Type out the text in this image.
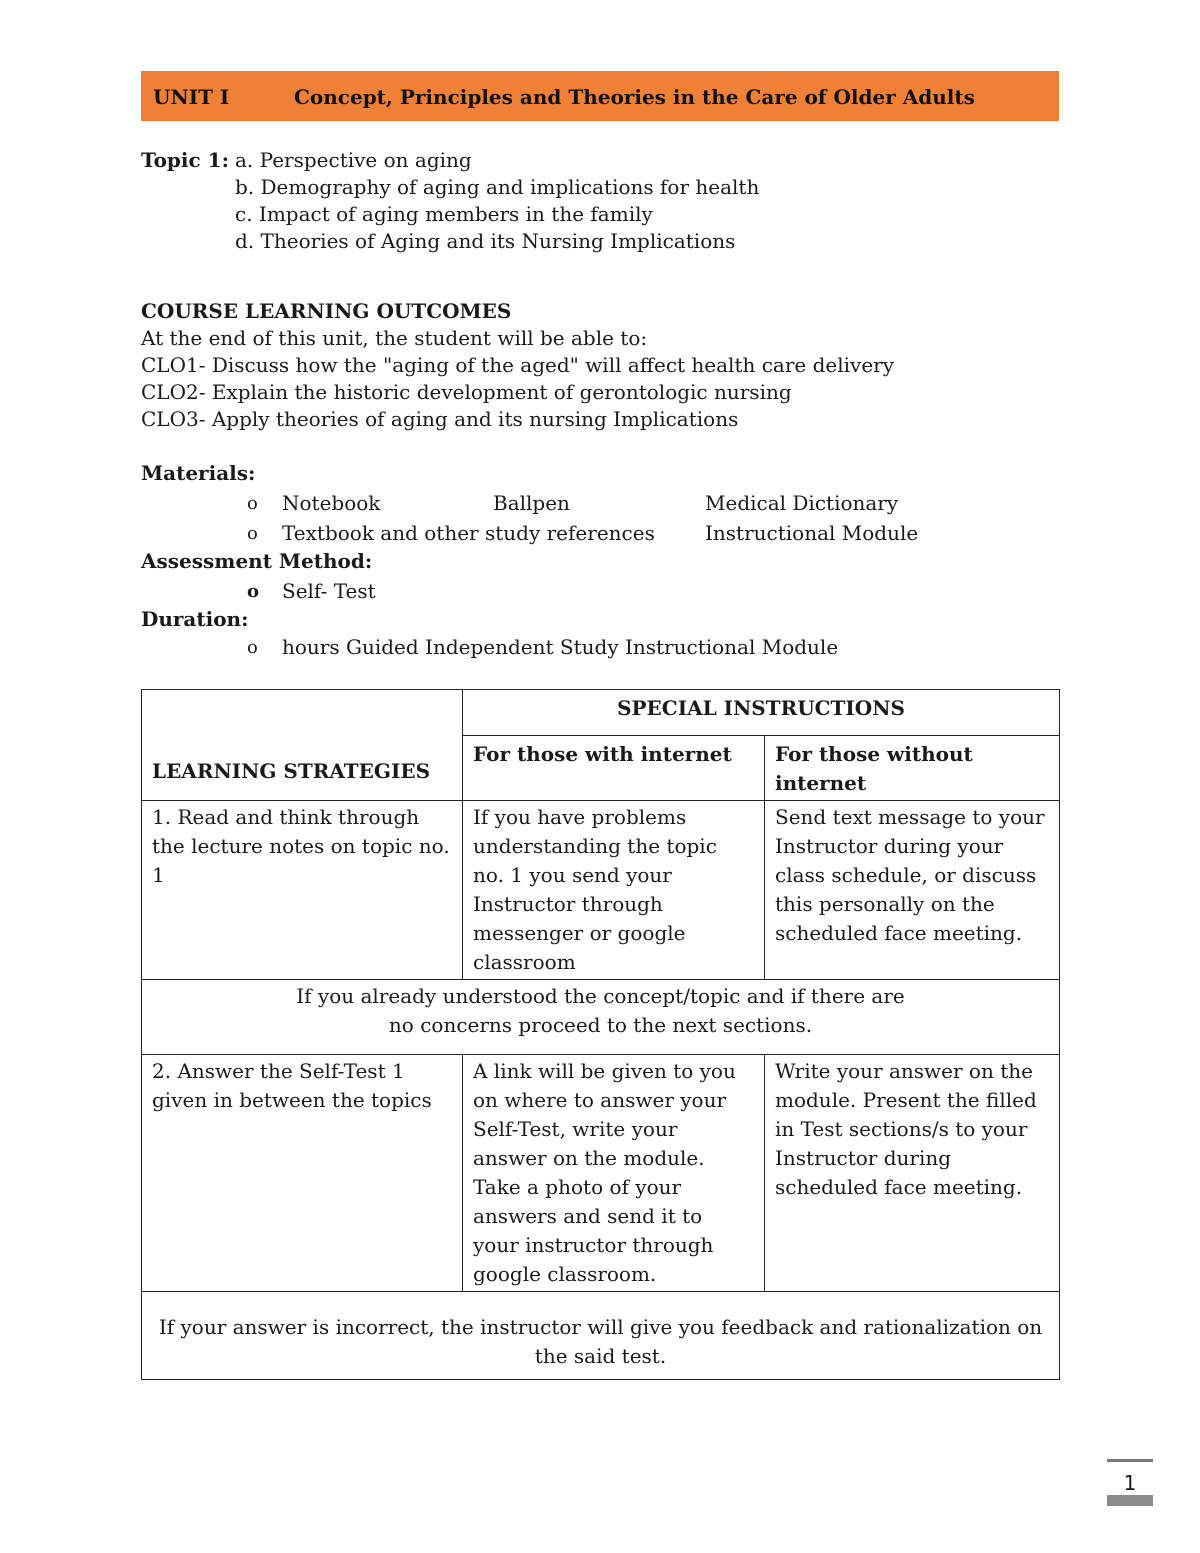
UNIT I	Concept, Principles and Theories in the Care of Older Adults
Topic 1: a. Perspective on aging
b. Demography of aging and implications for health
c. Impact of aging members in the family
d. Theories of Aging and its Nursing Implications
COURSE LEARNING OUTCOMES
At the end of this unit, the student will be able to:
CLO1- Discuss how the "aging of the aged" will affect health care delivery
CLO2- Explain the historic development of gerontologic nursing
CLO3- Apply theories of aging and its nursing Implications
Materials:
o Notebook	Ballpen	Medical Dictionary
o Textbook and other study references	Instructional Module
Assessment Method:
o Self- Test
Duration:
o hours Guided Independent Study Instructional Module
LEARNING STRATEGIES	SPECIAL INSTRUCTIONS	
	For those with internet	For those without internet
1. Read and think through the lecture notes on topic no. 1	If you have problems understanding the topic no. 1 you send your Instructor through messenger or google classroom	Send text message to your Instructor during your class schedule, or discuss this personally on the scheduled face meeting.

If you already understood the concept/topic and if there are
no concerns proceed to the next sections.		

2. Answer the Self-Test 1 given in between the topics	A link will be given to you on where to answer your Self-Test, write your answer on the module. Take a photo of your answers and send it to your instructor through google classroom.	Write your answer on the module. Present the filled in Test sections/s to your Instructor during scheduled face meeting.
If your answer is incorrect, the instructor will give you feedback and rationalization on the said test.		
1
